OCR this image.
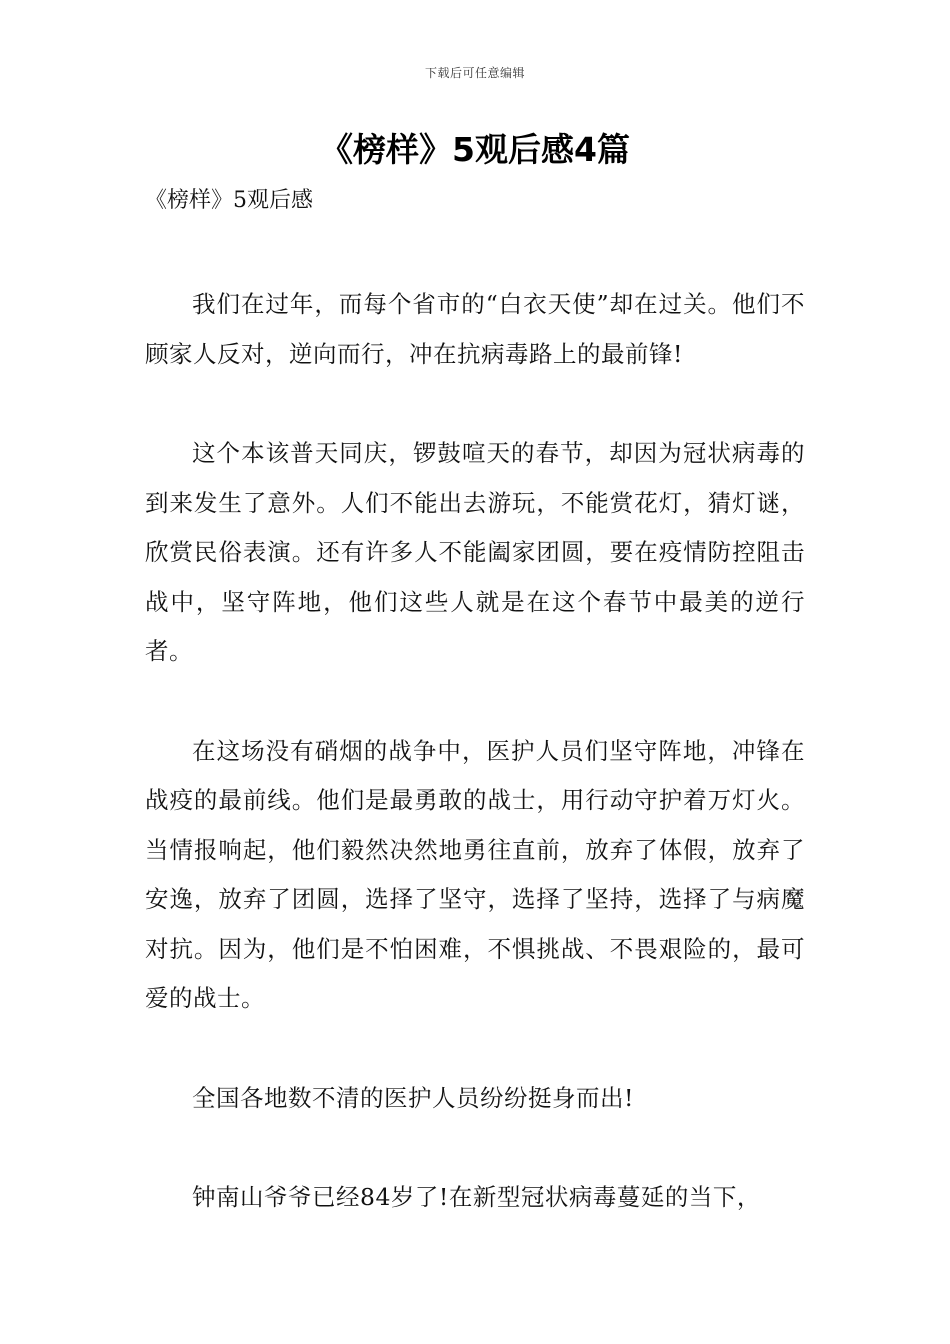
下载后可任意编辑
《榜样》5观后感4篇

《榜样》5观后感

我们在过年，而每个省市的“白衣天使”却在过关。他们不顾家人反对，逆向而行，冲在抗病毒路上的最前锋!

这个本该普天同庆，锣鼓喧天的春节，却因为冠状病毒的到来发生了意外。人们不能出去游玩，不能赏花灯，猜灯谜，欣赏民俗表演。还有许多人不能阖家团圆，要在疫情防控阻击战中，坚守阵地，他们这些人就是在这个春节中最美的逆行者。

在这场没有硝烟的战争中，医护人员们坚守阵地，冲锋在战疫的最前线。他们是最勇敢的战士，用行动守护着万灯火。当情报响起，他们毅然决然地勇往直前，放弃了体假，放弃了安逸，放弃了团圆，选择了坚守，选择了坚持，选择了与病魔对抗。因为，他们是不怕困难，不惧挑战、不畏艰险的，最可爱的战士。

全国各地数不清的医护人员纷纷挺身而出!

钟南山爷爷已经84岁了!在新型冠状病毒蔓延的当下，
